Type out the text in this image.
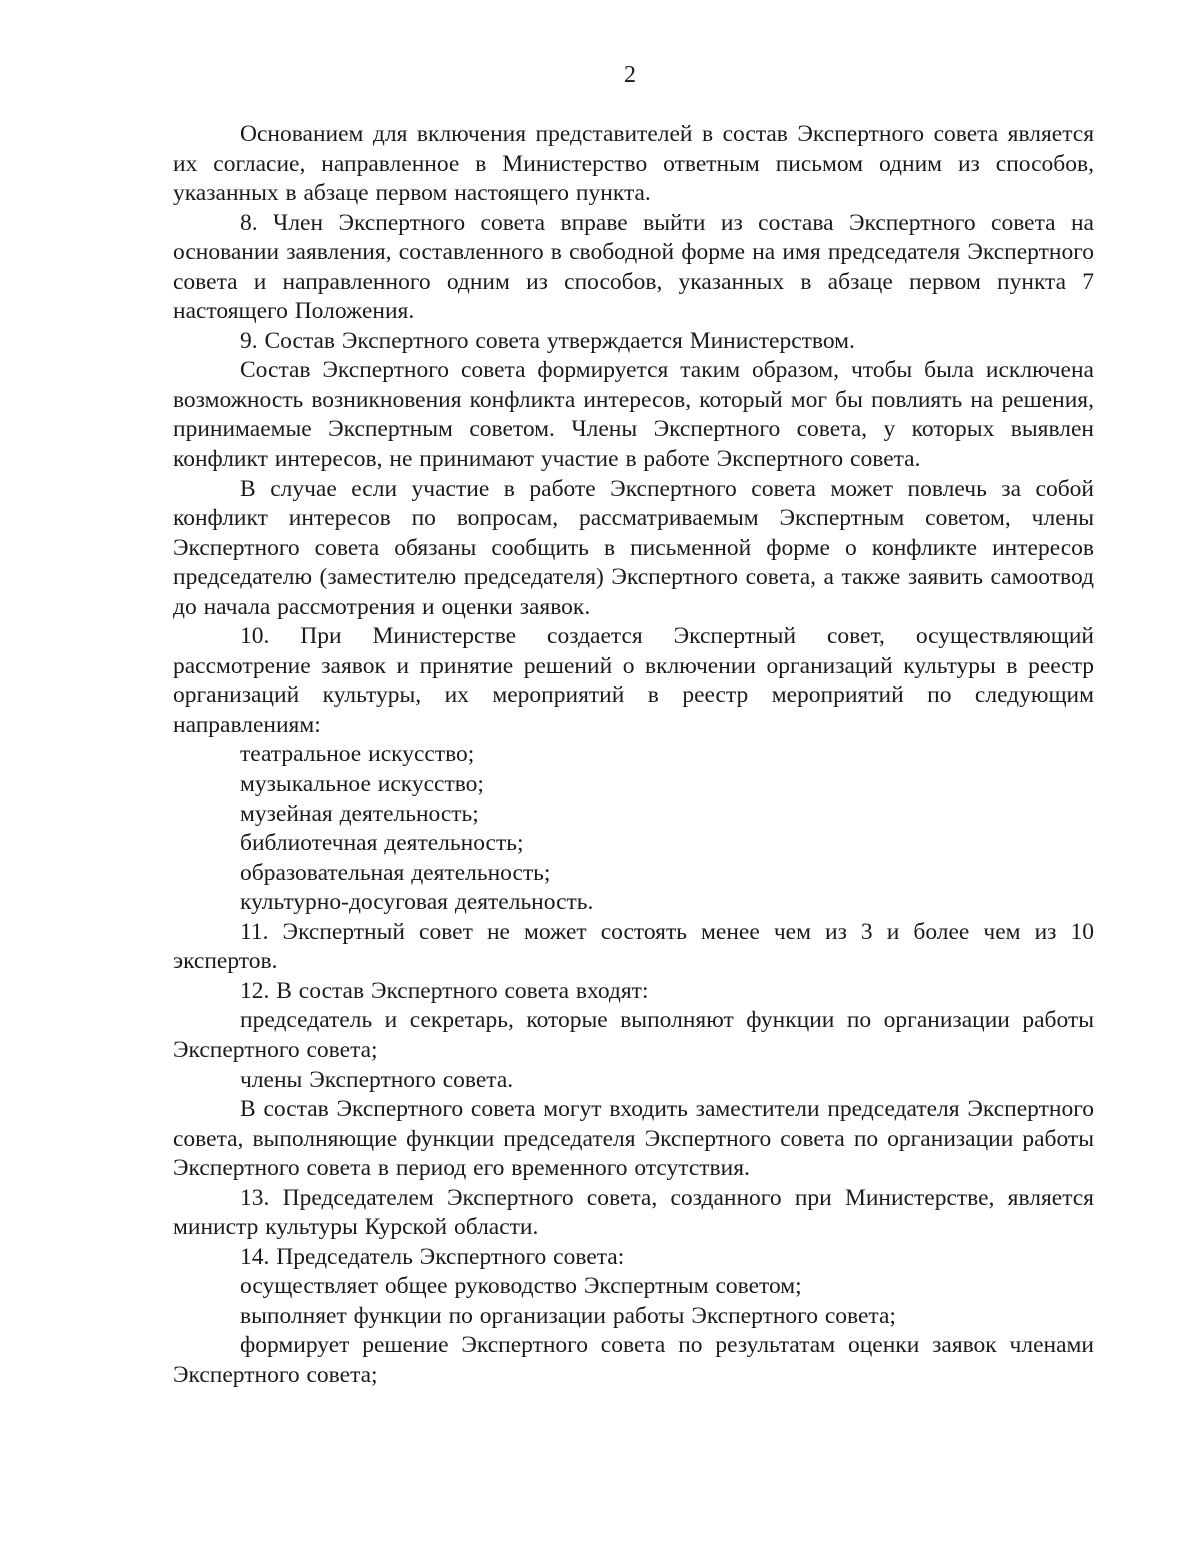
2

Основанием для включения представителей в состав Экспертного совета является их согласие, направленное в Министерство ответным письмом одним из способов, указанных в абзаце первом настоящего пункта.

8. Член Экспертного совета вправе выйти из состава Экспертного совета на основании заявления, составленного в свободной форме на имя председателя Экспертного совета и направленного одним из способов, указанных в абзаце первом пункта 7 настоящего Положения.

9. Состав Экспертного совета утверждается Министерством.

Состав Экспертного совета формируется таким образом, чтобы была исключена возможность возникновения конфликта интересов, который мог бы повлиять на решения, принимаемые Экспертным советом. Члены Экспертного совета, у которых выявлен конфликт интересов, не принимают участие в работе Экспертного совета.

В случае если участие в работе Экспертного совета может повлечь за собой конфликт интересов по вопросам, рассматриваемым Экспертным советом, члены Экспертного совета обязаны сообщить в письменной форме о конфликте интересов председателю (заместителю председателя) Экспертного совета, а также заявить самоотвод до начала рассмотрения и оценки заявок.

10. При Министерстве создается Экспертный совет, осуществляющий рассмотрение заявок и принятие решений о включении организаций культуры в реестр организаций культуры, их мероприятий в реестр мероприятий по следующим направлениям:

театральное искусство;

музыкальное искусство;

музейная деятельность;

библиотечная деятельность;

образовательная деятельность;

культурно-досуговая деятельность.

11. Экспертный совет не может состоять менее чем из 3 и более чем из 10 экспертов.

12. В состав Экспертного совета входят:

председатель и секретарь, которые выполняют функции по организации работы Экспертного совета;

члены Экспертного совета.

В состав Экспертного совета могут входить заместители председателя Экспертного совета, выполняющие функции председателя Экспертного совета по организации работы Экспертного совета в период его временного отсутствия.

13. Председателем Экспертного совета, созданного при Министерстве, является министр культуры Курской области.

14. Председатель Экспертного совета:

осуществляет общее руководство Экспертным советом;

выполняет функции по организации работы Экспертного совета;

формирует решение Экспертного совета по результатам оценки заявок членами Экспертного совета;
